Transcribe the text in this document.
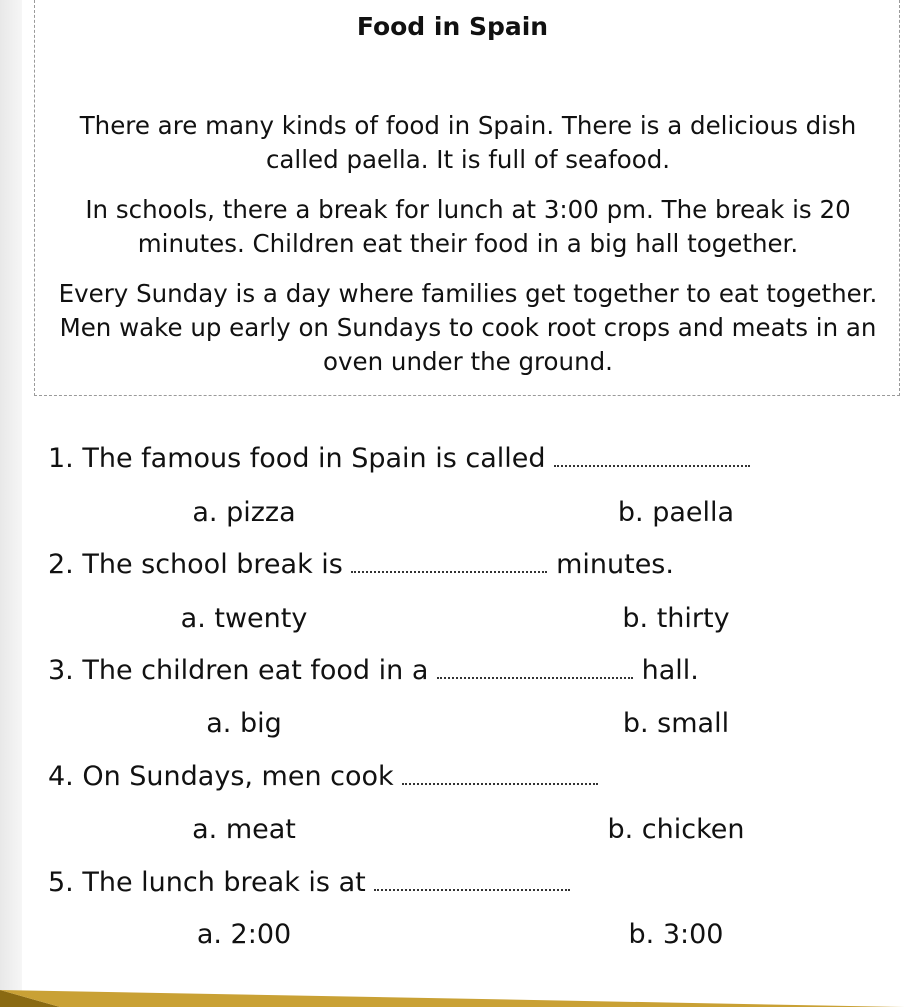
Food in Spain
There are many kinds of food in Spain. There is a delicious dish called paella. It is full of seafood.
In schools, there a break for lunch at 3:00 pm. The break is 20 minutes. Children eat their food in a big hall together.
Every Sunday is a day where families get together to eat together. Men wake up early on Sundays to cook root crops and meats in an oven under the ground.
1. The famous food in Spain is called
a. pizza	b. paella
2. The school break is	minutes.
a. twenty	b. thirty
3. The children eat food in a	hall.
a. big	b. small
4. On Sundays, men cook
a. meat	b. chicken
5. The lunch break is at
a. 2:00	b. 3:00
